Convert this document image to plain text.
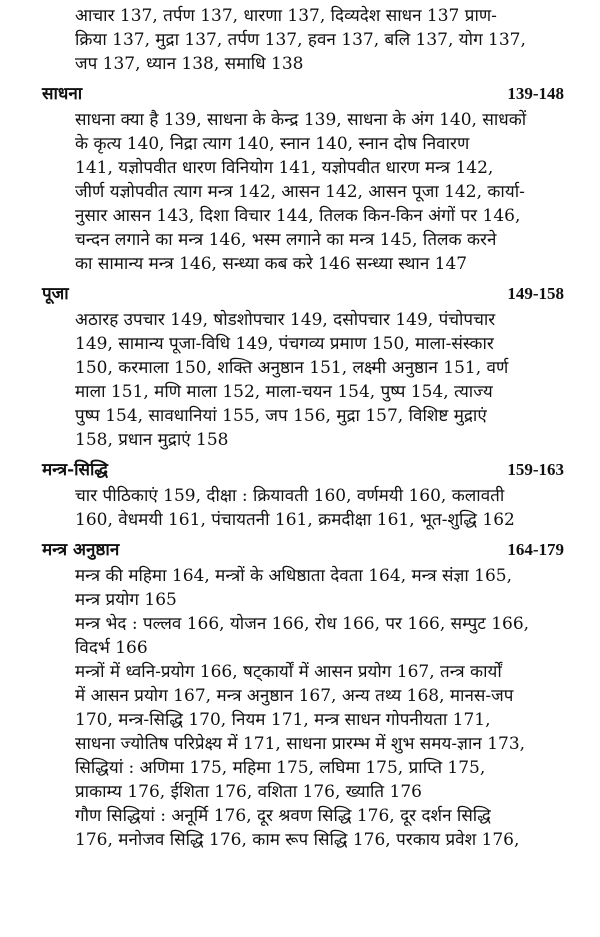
आचार 137, तर्पण 137, धारणा 137, दिव्यदेश साधन 137 प्राण-
क्रिया 137, मुद्रा 137, तर्पण 137, हवन 137, बलि 137, योग 137,
जप 137, ध्यान 138, समाधि 138
साधना	139-148
साधना क्या है 139, साधना के केन्द्र 139, साधना के अंग 140, साधकों
के कृत्य 140, निद्रा त्याग 140, स्नान 140, स्नान दोष निवारण
141, यज्ञोपवीत धारण विनियोग 141, यज्ञोपवीत धारण मन्त्र 142,
जीर्ण यज्ञोपवीत त्याग मन्त्र 142, आसन 142, आसन पूजा 142, कार्या-
नुसार आसन 143, दिशा विचार 144, तिलक किन-किन अंगों पर 146,
चन्दन लगाने का मन्त्र 146, भस्म लगाने का मन्त्र 145, तिलक करने
का सामान्य मन्त्र 146, सन्ध्या कब करे 146 सन्ध्या स्थान 147
पूजा	149-158
अठारह उपचार 149, षोडशोपचार 149, दसोपचार 149, पंचोपचार
149, सामान्य पूजा-विधि 149, पंचगव्य प्रमाण 150, माला-संस्कार
150, करमाला 150, शक्ति अनुष्ठान 151, लक्ष्मी अनुष्ठान 151, वर्ण
माला 151, मणि माला 152, माला-चयन 154, पुष्प 154, त्याज्य
पुष्प 154, सावधानियां 155, जप 156, मुद्रा 157, विशिष्ट मुद्राएं
158, प्रधान मुद्राएं 158
मन्त्र-सिद्धि	159-163
चार पीठिकाएं 159, दीक्षा : क्रियावती 160, वर्णमयी 160, कलावती
160, वेधमयी 161, पंचायतनी 161, क्रमदीक्षा 161, भूत-शुद्धि 162
मन्त्र अनुष्ठान	164-179
मन्त्र की महिमा 164, मन्त्रों के अधिष्ठाता देवता 164, मन्त्र संज्ञा 165,
मन्त्र प्रयोग 165
मन्त्र भेद : पल्लव 166, योजन 166, रोध 166, पर 166, सम्पुट 166,
विदर्भ 166
मन्त्रों में ध्वनि-प्रयोग 166, षट्कार्यों में आसन प्रयोग 167, तन्त्र कार्यों
में आसन प्रयोग 167, मन्त्र अनुष्ठान 167, अन्य तथ्य 168, मानस-जप
170, मन्त्र-सिद्धि 170, नियम 171, मन्त्र साधन गोपनीयता 171,
साधना ज्योतिष परिप्रेक्ष्य में 171, साधना प्रारम्भ में शुभ समय-ज्ञान 173,
सिद्धियां : अणिमा 175, महिमा 175, लघिमा 175, प्राप्ति 175,
प्राकाम्य 176, ईशिता 176, वशिता 176, ख्याति 176
गौण सिद्धियां : अनूर्मि 176, दूर श्रवण सिद्धि 176, दूर दर्शन सिद्धि
176, मनोजव सिद्धि 176, काम रूप सिद्धि 176, परकाय प्रवेश 176,
